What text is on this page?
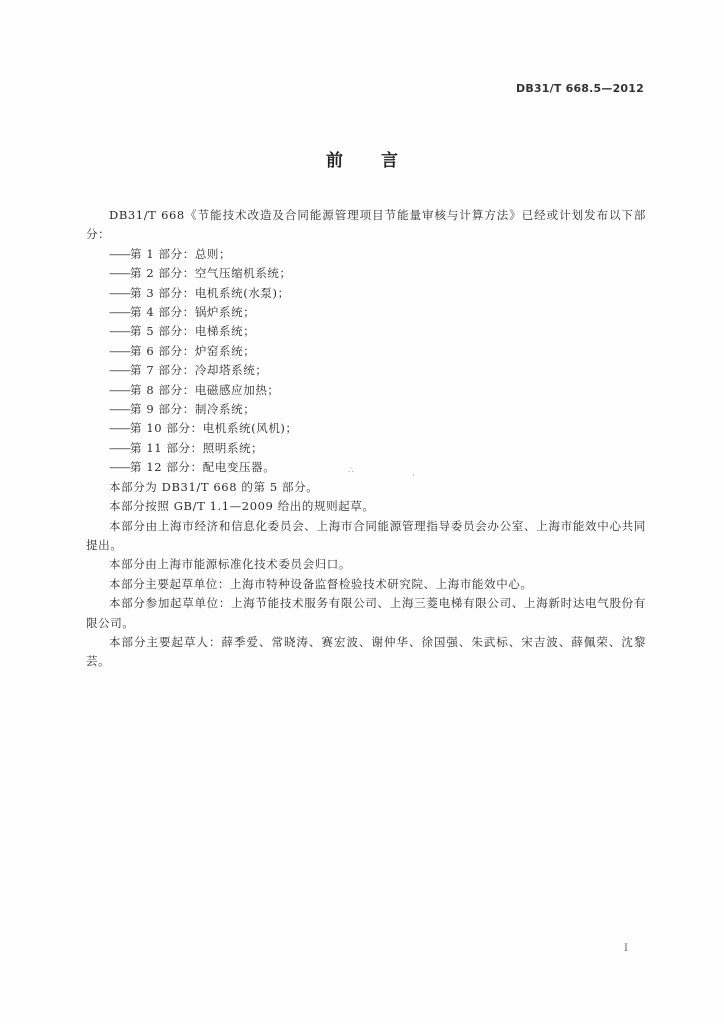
DB31/T 668.5—2012
前言

DB31/T 668《节能技术改造及合同能源管理项目节能量审核与计算方法》已经或计划发布以下部分：

——第 1 部分：总则；
——第 2 部分：空气压缩机系统；
——第 3 部分：电机系统(水泵)；
——第 4 部分：锅炉系统；
——第 5 部分：电梯系统；
——第 6 部分：炉窑系统；
——第 7 部分：冷却塔系统；
——第 8 部分：电磁感应加热；
——第 9 部分：制冷系统；
——第 10 部分：电机系统(风机)；
——第 11 部分：照明系统；
——第 12 部分：配电变压器。

本部分为 DB31/T 668 的第 5 部分。

本部分按照 GB/T 1.1—2009 给出的规则起草。

本部分由上海市经济和信息化委员会、上海市合同能源管理指导委员会办公室、上海市能效中心共同提出。

本部分由上海市能源标准化技术委员会归口。

本部分主要起草单位：上海市特种设备监督检验技术研究院、上海市能效中心。

本部分参加起草单位：上海节能技术服务有限公司、上海三菱电梯有限公司、上海新时达电气股份有限公司。

本部分主要起草人：薛季爱、常晓涛、赛宏波、谢仲华、徐国强、朱武标、宋吉波、薛佩荣、沈黎芸。

∴	·
I
